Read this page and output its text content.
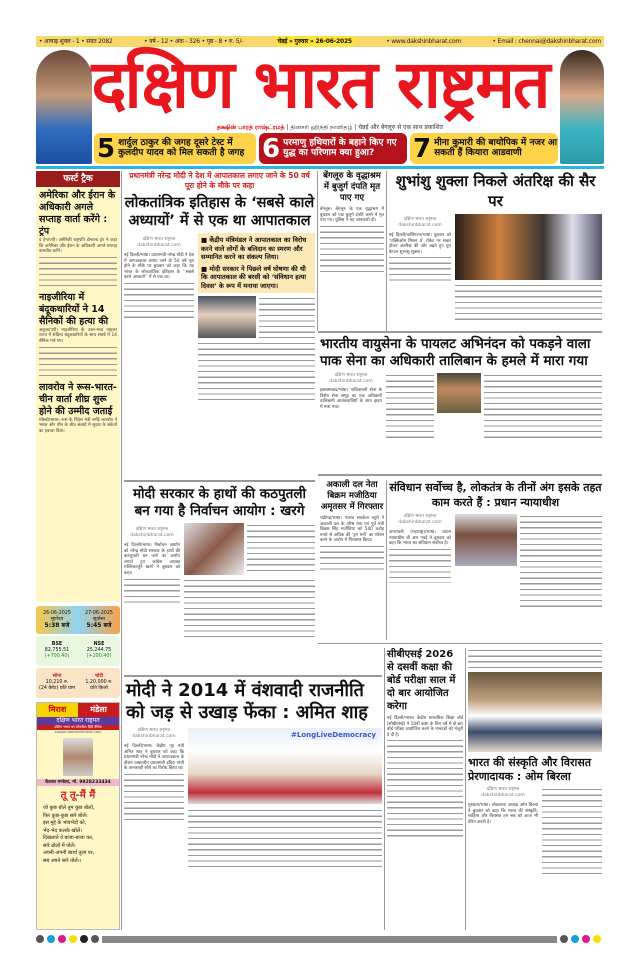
• आषाढ़ शुक्ल - 1 • संवत 2082	• वर्ष - 12 • अंक - 326 • पृष्ठ - 8 • रु. 5/-	चेन्नई » गुरुवार » 26-06-2025	• www.dakshinbharat.com	• Email : chennai@dakshinbharat.com
दक्षिण भारत राष्ट्रमत
தக்ஷின் பாரத் ராஷ்ட்ரமத் | தினசரி ஹிந்தி நாளிதழ் | चेन्नई और बेंगलूरु से एक साथ प्रकाशित
5 शार्दुल ठाकुर की जगह दूसरे टेस्ट में कुलदीप यादव को मिल सकती है जगह 6 परमाणु हथियारों के बहाने किए गए युद्ध का परिणाम क्या हुआ?	7 मीना कुमारी की बायोपिक में नजर आ सकती हैं कियारा आडवाणी
फर्स्ट ट्रैक
अमेरिका और ईरान के अधिकारी अगले सप्ताह वार्ता करेंगे : ट्रंप
द हेग/एपी। अमेरिकी राष्ट्रपति डोनाल्ड ट्रंप ने कहा कि अमेरिका और ईरान के अधिकारी अगले सप्ताह बातचीत करेंगे।
नाइजीरिया में बंदूकधारियों ने 14 सैनिकों की हत्या की
अबूजा/एपी। नाइजीरिया के उत्तर-मध्य नाइजर राज्य में संदिग्ध बंदूकधारियों के साथ संघर्ष में 14 सैनिक मारे गए।
लावरोव ने रूस-भारत-चीन वार्ता शीघ्र शुरू होने की उम्मीद जताई
मॉस्को/भाषा। रूस के विदेश मंत्री सर्गेई लावरोव ने भारत और चीन के बीच संबंधों में सुधार के संकेतों का हवाला दिया।
26-06-2025
सूर्योदय
5:38 बजे
27-06-2025
सूर्यास्त
5:45 बजे
BSE
82,755.51
(+700.40)
NSE
25,244.75
(+200.40)
सोना
10,210 रु.
(24 कैरेट) प्रति ग्राम
चांदी
1,20,000 रु.
प्रति किलो
मिराश	मंडेला
दक्षिण भारत राष्ट्रमत
दक्षिण भारत का लोकप्रिय हिंदी दैनिक
epaper.dakshinbharat.com
कैलाश मण्डेला, मो. 9828233434
तू तू-मैं मैं
जो कुछ बोले तुम कुछ बोलो,
फिर कुछ-कुछ सारे बोलें।
इस मुद्दे के भावभेदों को,
भेद-भेद कलके खोलें।
दिखलाते वे बाजा-बाजा कर,
सारे ढोलों में पोलें।
अपनी-अपनी स्वार्थ तुला पर,
सब अपने सारे तोलें।।
प्रधानमंत्री नरेन्द्र मोदी ने देश में आपातकाल लगाए जाने के 50 वर्ष पूरा होने के मौके पर कहा
लोकतांत्रिक इतिहास के ‘सबसे काले अध्यायों’ में से एक था आपातकाल
दक्षिण भारत राष्ट्रमत
dakshinbharat.com
नई दिल्ली/भाषा। प्रधानमंत्री नरेन्द्र मोदी ने देश में आपातकाल लगाए जाने के 50 वर्ष पूरा होने के मौके पर बुधवार को कहा कि यह भारत के लोकतांत्रिक इतिहास के ‘‘सबसे काले अध्यायों’’ में से एक था।
■ केंद्रीय मंत्रिमंडल ने आपातकाल का विरोध करने वाले लोगों के बलिदान का स्मरण और सम्मानित करने का संकल्प लिया।
■ मोदी सरकार ने पिछले वर्ष घोषणा की थी कि आपातकाल की बरसी को ‘संविधान हत्या दिवस’ के रूप में मनाया जाएगा।
मोदी सरकार के हाथों की कठपुतली बन गया है निर्वाचन आयोग : खरगे
दक्षिण भारत राष्ट्रमत
dakshinbharat.com
नई दिल्ली/भाषा। निर्वाचन आयोग को नरेन्द्र मोदी सरकार के हाथों की कठपुतली बन जाने का आरोप लगाते हुए कांग्रेस अध्यक्ष मल्लिकार्जुन खरगे ने बुधवार को कहा।
मोदी ने 2014 में वंशवादी राजनीति को जड़ से उखाड़ फेंका : अमित शाह
दक्षिण भारत राष्ट्रमत
dakshinbharat.com
नई दिल्ली/भाषा। केंद्रीय गृह मंत्री अमित शाह ने बुधवार को कहा कि प्रधानमंत्री नरेन्द्र मोदी ने आपातकाल के दौरान तत्कालीन प्रधानमंत्री इंदिरा गांधी के तानाशाही रवैये का विरोध किया था।
#LongLiveDemocracy
बेंगलूरु के वृद्धाश्रम में बुजुर्ग दंपति मृत पाए गए
बेंगलूरु। बेंगलूरु के एक वृद्धाश्रम में बुधवार को एक बुजुर्ग दंपति कमरे में मृत पाए गए। पुलिस ने यह जानकारी दी।
शुभांशु शुक्ला निकले अंतरिक्ष की सैर पर
दक्षिण भारत राष्ट्रमत
dakshinbharat.com
नई दिल्ली/वाशिंगटन/भाषा। बुधवार को ‘एक्सिओम मिशन 4’ रॉकेट पर सवार होकर अंतरिक्ष की ओर बढ़ते हुए ग्रुप कैप्टन शुभांशु शुक्ला।
भारतीय वायुसेना के पायलट अभिनंदन को पकड़ने वाला पाक सेना का अधिकारी तालिबान के हमले में मारा गया
दक्षिण भारत राष्ट्रमत
dakshinbharat.com
इस्लामाबाद/भाषा। पाकिस्तानी सेना के विशेष सेवा समूह का एक अधिकारी तालिबानी आतंकवादियों के साथ झड़प में मारा गया।
अकाली दल नेता बिक्रम मजीठिया अमृतसर में गिरफ्तार
चंडीगढ़/भाषा। पंजाब सतर्कता ब्यूरो ने अकाली दल के वरिष्ठ नेता एवं पूर्व मंत्री बिक्रम सिंह मजीठिया को 540 करोड़ रुपये से अधिक की ‘ड्रग मनी’ का शोधन करने के आरोप में गिरफ्तार किया।
संविधान सर्वोच्च है, लोकतंत्र के तीनों अंग इसके तहत काम करते हैं : प्रधान न्यायाधीश
दक्षिण भारत राष्ट्रमत
dakshinbharat.com
अमरावती (महाराष्ट्र)/भाषा। प्रधान न्यायाधीश बी आर गवई ने बुधवार को कहा कि भारत का संविधान सर्वोच्च है।
सीबीएसई 2026 से दसवीं कक्षा की बोर्ड परीक्षा साल में दो बार आयोजित करेगा
नई दिल्ली/भाषा। केंद्रीय माध्यमिक शिक्षा बोर्ड (सीबीएसई) ने 10वीं कक्षा के लिए वर्ष में दो बार बोर्ड परीक्षा आयोजित करने के मानदंडों को मंजूरी दे दी है।
भारत की संस्कृति और विरासत प्रेरणादायक : ओम बिरला
दक्षिण भारत राष्ट्रमत
dakshinbharat.com
गुरुग्राम/भाषा। लोकसभा अध्यक्ष ओम बिरला ने बुधवार को कहा कि भारत की संस्कृति, साहित्य और विरासत हम सब को आज भी प्रेरित करती है।
